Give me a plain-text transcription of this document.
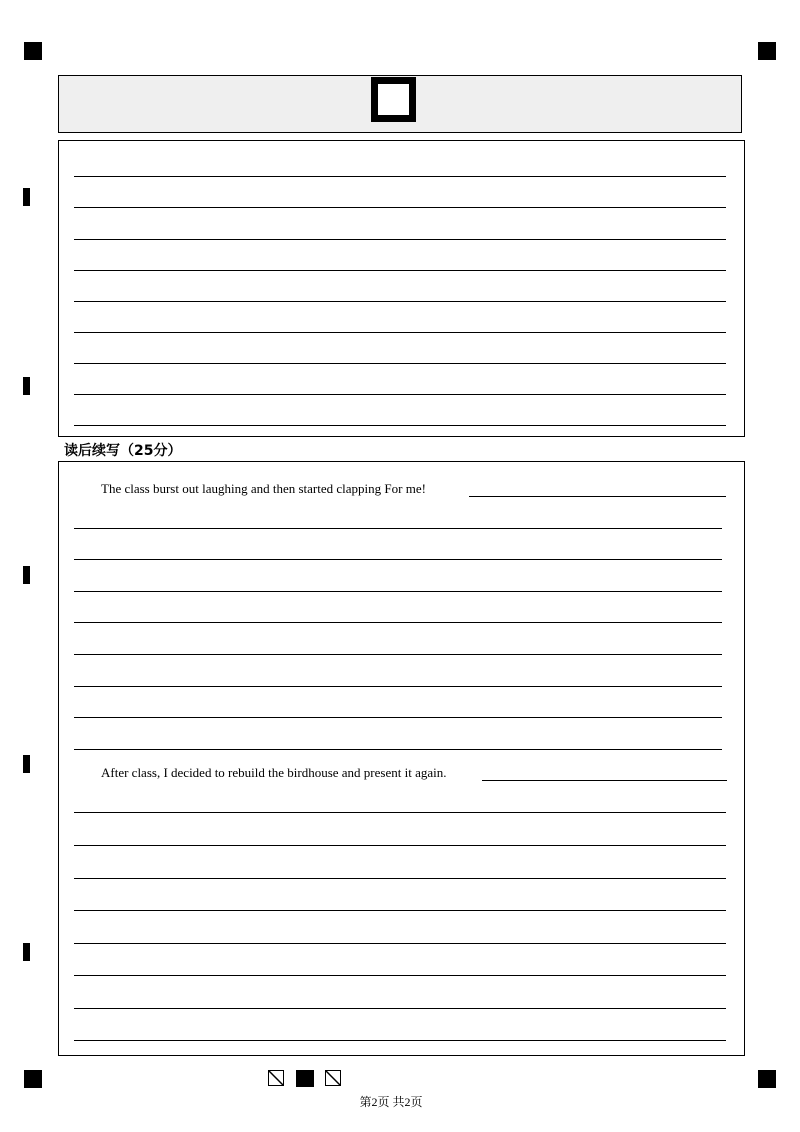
读后续写（25分）
The class burst out laughing and then started clapping For me!
After class, I decided to rebuild the birdhouse and present it again.
第2页 共2页
